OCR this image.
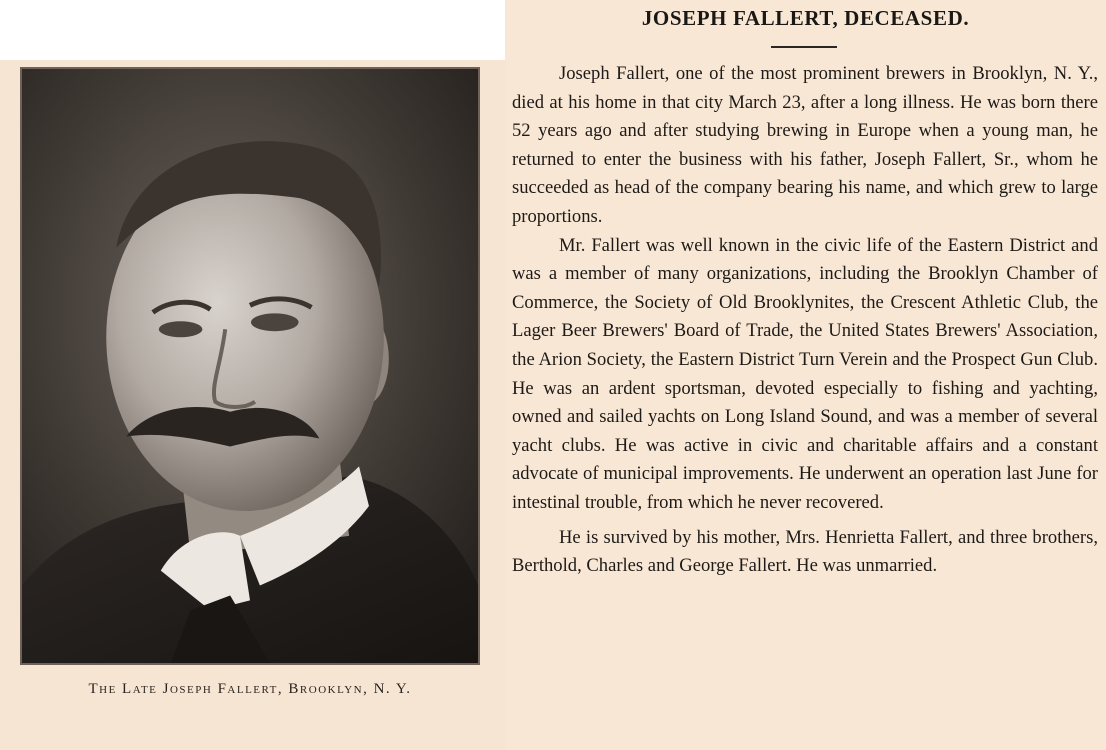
The Late Joseph Fallert, Brooklyn, N. Y.
JOSEPH FALLERT, DECEASED.

Joseph Fallert, one of the most prominent brewers in Brooklyn, N. Y., died at his home in that city March 23, after a long illness. He was born there 52 years ago and after studying brewing in Europe when a young man, he returned to enter the business with his father, Joseph Fallert, Sr., whom he succeeded as head of the company bearing his name, and which grew to large proportions.

Mr. Fallert was well known in the civic life of the Eastern District and was a member of many organizations, including the Brooklyn Chamber of Commerce, the Society of Old Brooklynites, the Crescent Athletic Club, the Lager Beer Brewers' Board of Trade, the United States Brewers' Association, the Arion Society, the Eastern District Turn Verein and the Prospect Gun Club. He was an ardent sportsman, devoted especially to fishing and yachting, owned and sailed yachts on Long Island Sound, and was a member of several yacht clubs. He was active in civic and charitable affairs and a constant advocate of municipal improvements. He underwent an operation last June for intestinal trouble, from which he never recovered.

He is survived by his mother, Mrs. Henrietta Fallert, and three brothers, Berthold, Charles and George Fallert. He was unmarried.
